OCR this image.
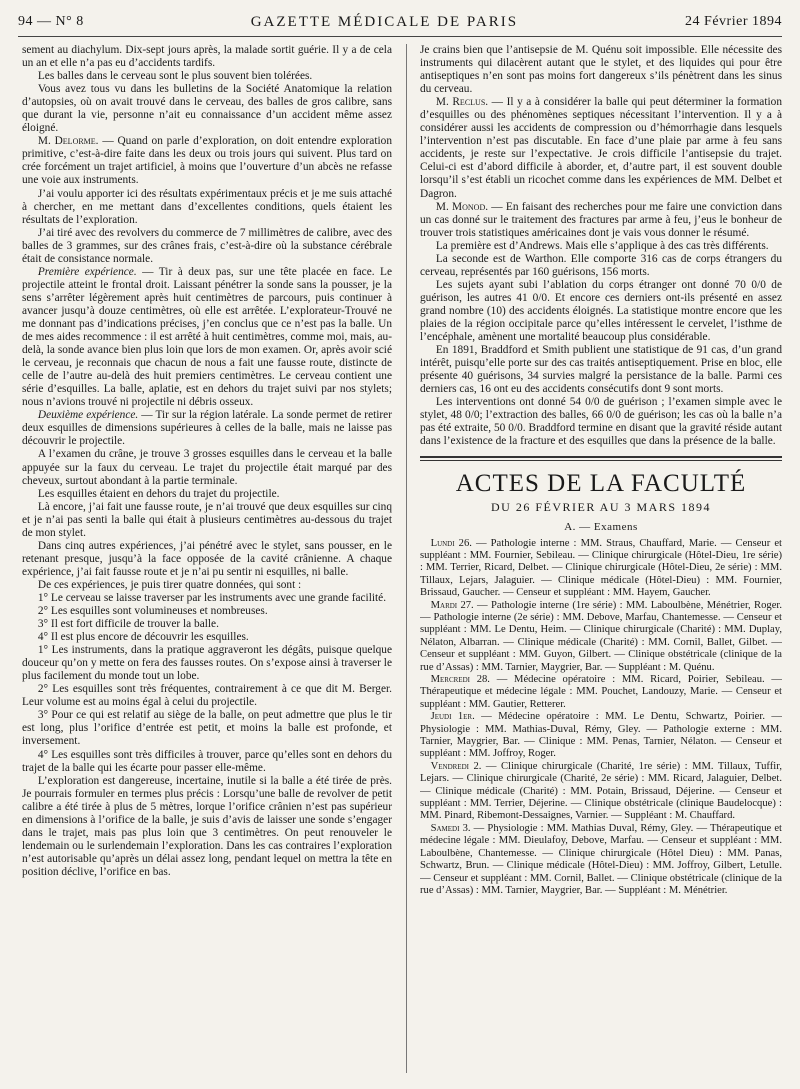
94 — N° 8	GAZETTE MÉDICALE DE PARIS	24 Février 1894

sement au diachylum. Dix-sept jours après, la malade sortit guérie. Il y a de cela un an et elle n’a pas eu d’accidents tardifs.

Les balles dans le cerveau sont le plus souvent bien tolérées.

Vous avez tous vu dans les bulletins de la Société Anatomique la relation d’autopsies, où on avait trouvé dans le cerveau, des balles de gros calibre, sans que durant la vie, personne n’ait eu connaissance d’un accident même assez éloigné.

M. Delorme. — Quand on parle d’exploration, on doit entendre exploration primitive, c’est-à-dire faite dans les deux ou trois jours qui suivent. Plus tard on crée forcément un trajet artificiel, à moins que l’ouverture d’un abcès ne refasse une voie aux instruments.

J’ai voulu apporter ici des résultats expérimentaux précis et je me suis attaché à chercher, en me mettant dans d’excellentes conditions, quels étaient les résultats de l’exploration.

J’ai tiré avec des revolvers du commerce de 7 millimètres de calibre, avec des balles de 3 grammes, sur des crânes frais, c’est-à-dire où la substance cérébrale était de consistance normale.

Première expérience. — Tir à deux pas, sur une tête placée en face. Le projectile atteint le frontal droit. Laissant pénétrer la sonde sans la pousser, je la sens s’arrêter légèrement après huit centimètres de parcours, puis continuer à avancer jusqu’à douze centimètres, où elle est arrêtée. L’explorateur-Trouvé ne me donnant pas d’indications précises, j’en conclus que ce n’est pas la balle. Un de mes aides recommence : il est arrêté à huit centimètres, comme moi, mais, au-delà, la sonde avance bien plus loin que lors de mon examen. Or, après avoir scié le cerveau, je reconnais que chacun de nous a fait une fausse route, distincte de celle de l’autre au-delà des huit premiers centimètres. Le cerveau contient une série d’esquilles. La balle, aplatie, est en dehors du trajet suivi par nos stylets; nous n’avions trouvé ni projectile ni débris osseux.

Deuxième expérience. — Tir sur la région latérale. La sonde permet de retirer deux esquilles de dimensions supérieures à celles de la balle, mais ne laisse pas découvrir le projectile.

A l’examen du crâne, je trouve 3 grosses esquilles dans le cerveau et la balle appuyée sur la faux du cerveau. Le trajet du projectile était marqué par des cheveux, surtout abondant à la partie terminale.

Les esquilles étaient en dehors du trajet du projectile.

Là encore, j’ai fait une fausse route, je n’ai trouvé que deux esquilles sur cinq et je n’ai pas senti la balle qui était à plusieurs centimètres au-dessous du trajet de mon stylet.

Dans cinq autres expériences, j’ai pénétré avec le stylet, sans pousser, en le retenant presque, jusqu’à la face opposée de la cavité crânienne. A chaque expérience, j’ai fait fausse route et je n’ai pu sentir ni esquilles, ni balle.

De ces expériences, je puis tirer quatre données, qui sont :

1° Le cerveau se laisse traverser par les instruments avec une grande facilité.

2° Les esquilles sont volumineuses et nombreuses.

3° Il est fort difficile de trouver la balle.

4° Il est plus encore de découvrir les esquilles.

1° Les instruments, dans la pratique aggraveront les dégâts, puisque quelque douceur qu’on y mette on fera des fausses routes. On s’expose ainsi à traverser le plus facilement du monde tout un lobe.

2° Les esquilles sont très fréquentes, contrairement à ce que dit M. Berger. Leur volume est au moins égal à celui du projectile.

3° Pour ce qui est relatif au siège de la balle, on peut admettre que plus le tir est long, plus l’orifice d’entrée est petit, et moins la balle est profonde, et inversement.

4° Les esquilles sont très difficiles à trouver, parce qu’elles sont en dehors du trajet de la balle qui les écarte pour passer elle-même.

L’exploration est dangereuse, incertaine, inutile si la balle a été tirée de près. Je pourrais formuler en termes plus précis : Lorsqu’une balle de revolver de petit calibre a été tirée à plus de 5 mètres, lorque l’orifice crânien n’est pas supérieur en dimensions à l’orifice de la balle, je suis d’avis de laisser une sonde s’engager dans le trajet, mais pas plus loin que 3 centimètres. On peut renouveler le lendemain ou le surlendemain l’exploration. Dans les cas contraires l’exploration n’est autorisable qu’après un délai assez long, pendant lequel on mettra la tête en position déclive, l’orifice en bas.

Je crains bien que l’antisepsie de M. Quénu soit impossible. Elle nécessite des instruments qui dilacèrent autant que le stylet, et des liquides qui pour être antiseptiques n’en sont pas moins fort dangereux s’ils pénètrent dans les sinus du cerveau.

M. Reclus. — Il y a à considérer la balle qui peut déterminer la formation d’esquilles ou des phénomènes septiques nécessitant l’intervention. Il y a à considérer aussi les accidents de compression ou d’hémorrhagie dans lesquels l’intervention n’est pas discutable. En face d’une plaie par arme à feu sans accidents, je reste sur l’expectative. Je crois difficile l’antisepsie du trajet. Celui-ci est d’abord difficile à aborder, et, d’autre part, il est souvent double lorsqu’il s’est établi un ricochet comme dans les expériences de MM. Delbet et Dagron.

M. Monod. — En faisant des recherches pour me faire une conviction dans un cas donné sur le traitement des fractures par arme à feu, j’eus le bonheur de trouver trois statistiques américaines dont je vais vous donner le résumé.

La première est d’Andrews. Mais elle s’applique à des cas très différents.

La seconde est de Warthon. Elle comporte 316 cas de corps étrangers du cerveau, représentés par 160 guérisons, 156 morts.

Les sujets ayant subi l’ablation du corps étranger ont donné 70 0/0 de guérison, les autres 41 0/0. Et encore ces derniers ont-ils présenté en assez grand nombre (10) des accidents éloignés. La statistique montre encore que les plaies de la région occipitale parce qu’elles intéressent le cervelet, l’isthme de l’encéphale, amènent une mortalité beaucoup plus considérable.

En 1891, Braddford et Smith publient une statistique de 91 cas, d’un grand intérêt, puisqu’elle porte sur des cas traités antiseptiquement. Prise en bloc, elle présente 40 guérisons, 34 survies malgré la persistance de la balle. Parmi ces derniers cas, 16 ont eu des accidents consécutifs dont 9 sont morts.

Les interventions ont donné 54 0/0 de guérison ; l’examen simple avec le stylet, 48 0/0; l’extraction des balles, 66 0/0 de guérison; les cas où la balle n’a pas été extraite, 50 0/0. Braddford termine en disant que la gravité réside autant dans l’existence de la fracture et des esquilles que dans la présence de la balle.

ACTES DE LA FACULTÉ
DU 26 FÉVRIER AU 3 MARS 1894
A. — Examens

Lundi 26. — Pathologie interne : MM. Straus, Chauffard, Marie. — Censeur et suppléant : MM. Fournier, Sebileau. — Clinique chirurgicale (Hôtel-Dieu, 1re série) : MM. Terrier, Ricard, Delbet. — Clinique chirurgicale (Hôtel-Dieu, 2e série) : MM. Tillaux, Lejars, Jalaguier. — Clinique médicale (Hôtel-Dieu) : MM. Fournier, Brissaud, Gaucher. — Censeur et suppléant : MM. Hayem, Gaucher.

Mardi 27. — Pathologie interne (1re série) : MM. Laboulbène, Ménétrier, Roger. — Pathologie interne (2e série) : MM. Debove, Marfau, Chantemesse. — Censeur et suppléant : MM. Le Dentu, Heim. — Clinique chirurgicale (Charité) : MM. Duplay, Nélaton, Albarran. — Clinique médicale (Charité) : MM. Cornil, Ballet, Gilbet. — Censeur et suppléant : MM. Guyon, Gilbert. — Clinique obstétricale (clinique de la rue d’Assas) : MM. Tarnier, Maygrier, Bar. — Suppléant : M. Quénu.

Mercredi 28. — Médecine opératoire : MM. Ricard, Poirier, Sebileau. — Thérapeutique et médecine légale : MM. Pouchet, Landouzy, Marie. — Censeur et suppléant : MM. Gautier, Retterer.

Jeudi 1er. — Médecine opératoire : MM. Le Dentu, Schwartz, Poirier. — Physiologie : MM. Mathias-Duval, Rémy, Gley. — Pathologie externe : MM. Tarnier, Maygrier, Bar. — Clinique : MM. Penas, Tarnier, Nélaton. — Censeur et suppléant : MM. Joffroy, Roger.

Vendredi 2. — Clinique chirurgicale (Charité, 1re série) : MM. Tillaux, Tuffir, Lejars. — Clinique chirurgicale (Charité, 2e série) : MM. Ricard, Jalaguier, Delbet. — Clinique médicale (Charité) : MM. Potain, Brissaud, Déjerine. — Censeur et suppléant : MM. Terrier, Déjerine. — Clinique obstétricale (clinique Baudelocque) : MM. Pinard, Ribemont-Dessaignes, Varnier. — Suppléant : M. Chauffard.

Samedi 3. — Physiologie : MM. Mathias Duval, Rémy, Gley. — Thérapeutique et médecine légale : MM. Dieulafoy, Debove, Marfau. — Censeur et suppléant : MM. Laboulbène, Chantemesse. — Clinique chirurgicale (Hôtel Dieu) : MM. Panas, Schwartz, Brun. — Clinique médicale (Hôtel-Dieu) : MM. Joffroy, Gilbert, Letulle. — Censeur et suppléant : MM. Cornil, Ballet. — Clinique obstétricale (clinique de la rue d’Assas) : MM. Tarnier, Maygrier, Bar. — Suppléant : M. Ménétrier.
